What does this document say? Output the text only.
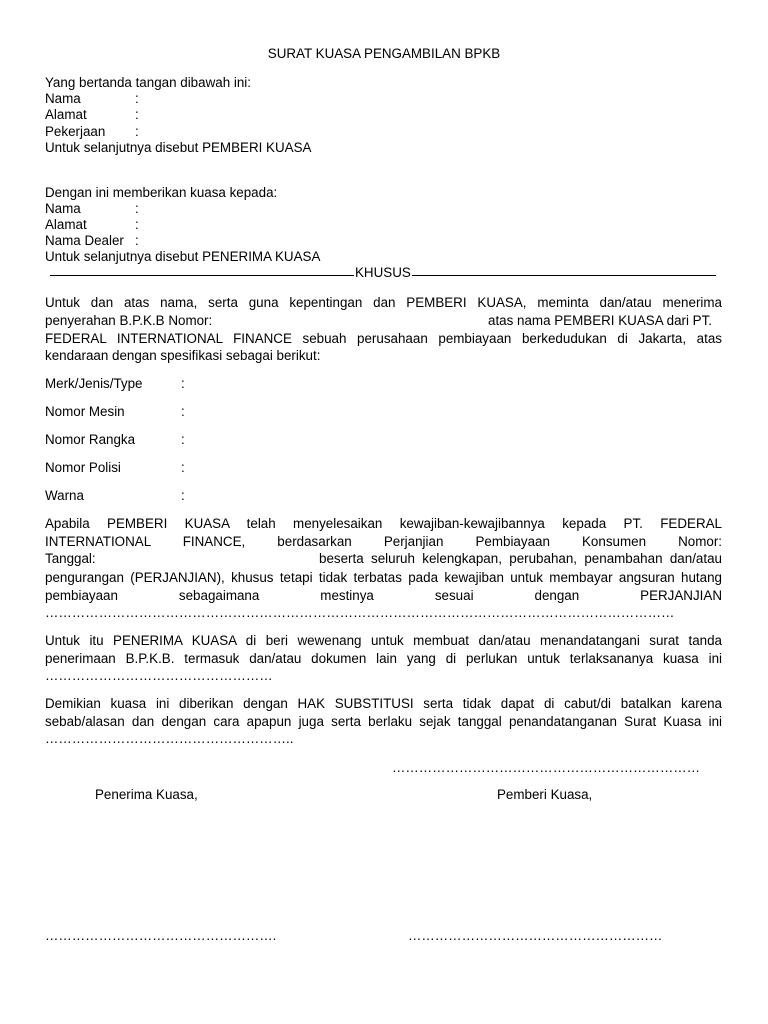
SURAT KUASA PENGAMBILAN BPKB
Yang bertanda tangan dibawah ini:
Nama	:
Alamat	:
Pekerjaan :
Untuk selanjutnya disebut PEMBERI KUASA
Dengan ini memberikan kuasa kepada:
Nama	:
Alamat	:
Nama Dealer :
Untuk selanjutnya disebut PENERIMA KUASA
KHUSUS
Untuk dan atas nama, serta guna kepentingan dan PEMBERI KUASA, meminta dan/atau menerima
penyerahan B.P.K.B Nomor:	atas nama PEMBERI KUASA dari PT.
FEDERAL INTERNATIONAL FINANCE sebuah perusahaan pembiayaan berkedudukan di Jakarta, atas
kendaraan dengan spesifikasi sebagai berikut:
Merk/Jenis/Type	:
Nomor Mesin	:
Nomor Rangka	:
Nomor Polisi	:
Warna	:
Apabila PEMBERI KUASA telah menyelesaikan kewajiban-kewajibannya kepada PT. FEDERAL
INTERNATIONAL FINANCE, berdasarkan Perjanjian Pembiayaan Konsumen Nomor:
Tanggal:	beserta seluruh kelengkapan, perubahan, penambahan dan/atau
pengurangan (PERJANJIAN), khusus tetapi tidak terbatas pada kewajiban untuk membayar angsuran hutang
pembiayaan sebagaimana mestinya sesuai dengan PERJANJIAN
……………………………………………………………………………………………………………………………
Untuk itu PENERIMA KUASA di beri wewenang untuk membuat dan/atau menandatangani surat tanda
penerimaan B.P.K.B. termasuk dan/atau dokumen lain yang di perlukan untuk terlaksananya kuasa ini
……………………………………………
Demikian kuasa ini diberikan dengan HAK SUBSTITUSI serta tidak dapat di cabut/di batalkan karena
sebab/alasan dan dengan cara apapun juga serta berlaku sejak tanggal penandatanganan Surat Kuasa ini
………………………………………………..
……………………………………………………………
Penerima Kuasa,	Pemberi Kuasa,
…………………………………………….	…………………………………………………
